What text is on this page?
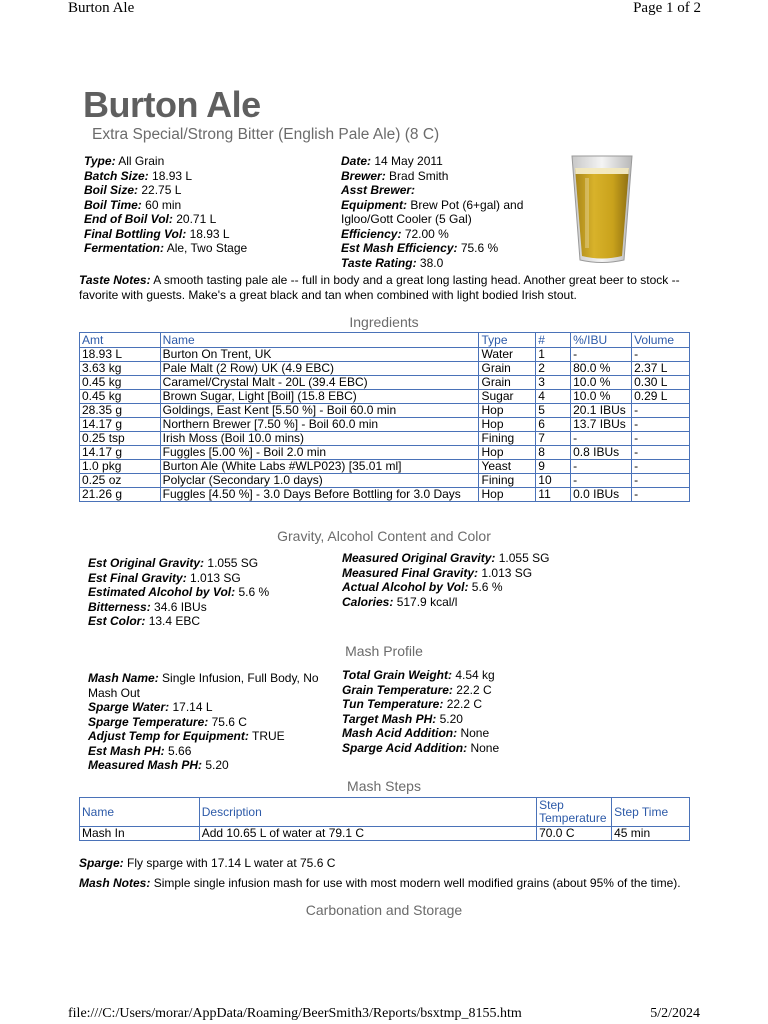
Burton Ale	Page 1 of 2
file:///C:/Users/morar/AppData/Roaming/BeerSmith3/Reports/bsxtmp_8155.htm	5/2/2024
Burton Ale
Extra Special/Strong Bitter (English Pale Ale) (8 C)
Type: All Grain
Batch Size: 18.93 L
Boil Size: 22.75 L
Boil Time: 60 min
End of Boil Vol: 20.71 L
Final Bottling Vol: 18.93 L
Fermentation: Ale, Two Stage
Date: 14 May 2011
Brewer: Brad Smith
Asst Brewer:
Equipment: Brew Pot (6+gal) and
Igloo/Gott Cooler (5 Gal)
Efficiency: 72.00 %
Est Mash Efficiency: 75.6 %
Taste Rating: 38.0
Taste Notes: A smooth tasting pale ale -- full in body and a great long lasting head. Another great beer to stock -- favorite with guests. Make's a great black and tan when combined with light bodied Irish stout.
Ingredients
Amt	Name	Type	#	%/IBU	Volume
18.93 L	Burton On Trent, UK	Water	1	-	-
3.63 kg	Pale Malt (2 Row) UK (4.9 EBC)	Grain	2	80.0 %	2.37 L
0.45 kg	Caramel/Crystal Malt - 20L (39.4 EBC)	Grain	3	10.0 %	0.30 L
0.45 kg	Brown Sugar, Light [Boil] (15.8 EBC)	Sugar	4	10.0 %	0.29 L
28.35 g	Goldings, East Kent [5.50 %] - Boil 60.0 min	Hop	5	20.1 IBUs	-
14.17 g	Northern Brewer [7.50 %] - Boil 60.0 min	Hop	6	13.7 IBUs	-
0.25 tsp	Irish Moss (Boil 10.0 mins)	Fining	7	-	-
14.17 g	Fuggles [5.00 %] - Boil 2.0 min	Hop	8	0.8 IBUs	-
1.0 pkg	Burton Ale (White Labs #WLP023) [35.01 ml]	Yeast	9	-	-
0.25 oz	Polyclar (Secondary 1.0 days)	Fining	10	-	-
21.26 g	Fuggles [4.50 %] - 3.0 Days Before Bottling for 3.0 Days	Hop	11	0.0 IBUs	-
Gravity, Alcohol Content and Color
Est Original Gravity: 1.055 SG
Est Final Gravity: 1.013 SG
Estimated Alcohol by Vol: 5.6 %
Bitterness: 34.6 IBUs
Est Color: 13.4 EBC
Measured Original Gravity: 1.055 SG
Measured Final Gravity: 1.013 SG
Actual Alcohol by Vol: 5.6 %
Calories: 517.9 kcal/l
Mash Profile
Mash Name: Single Infusion, Full Body, No
Mash Out
Sparge Water: 17.14 L
Sparge Temperature: 75.6 C
Adjust Temp for Equipment: TRUE
Est Mash PH: 5.66
Measured Mash PH: 5.20
Total Grain Weight: 4.54 kg
Grain Temperature: 22.2 C
Tun Temperature: 22.2 C
Target Mash PH: 5.20
Mash Acid Addition: None
Sparge Acid Addition: None
Mash Steps
Name	Description	Step Temperature	Step Time
Mash In	Add 10.65 L of water at 79.1 C	70.0 C	45 min
Sparge: Fly sparge with 17.14 L water at 75.6 C
Mash Notes: Simple single infusion mash for use with most modern well modified grains (about 95% of the time).
Carbonation and Storage
